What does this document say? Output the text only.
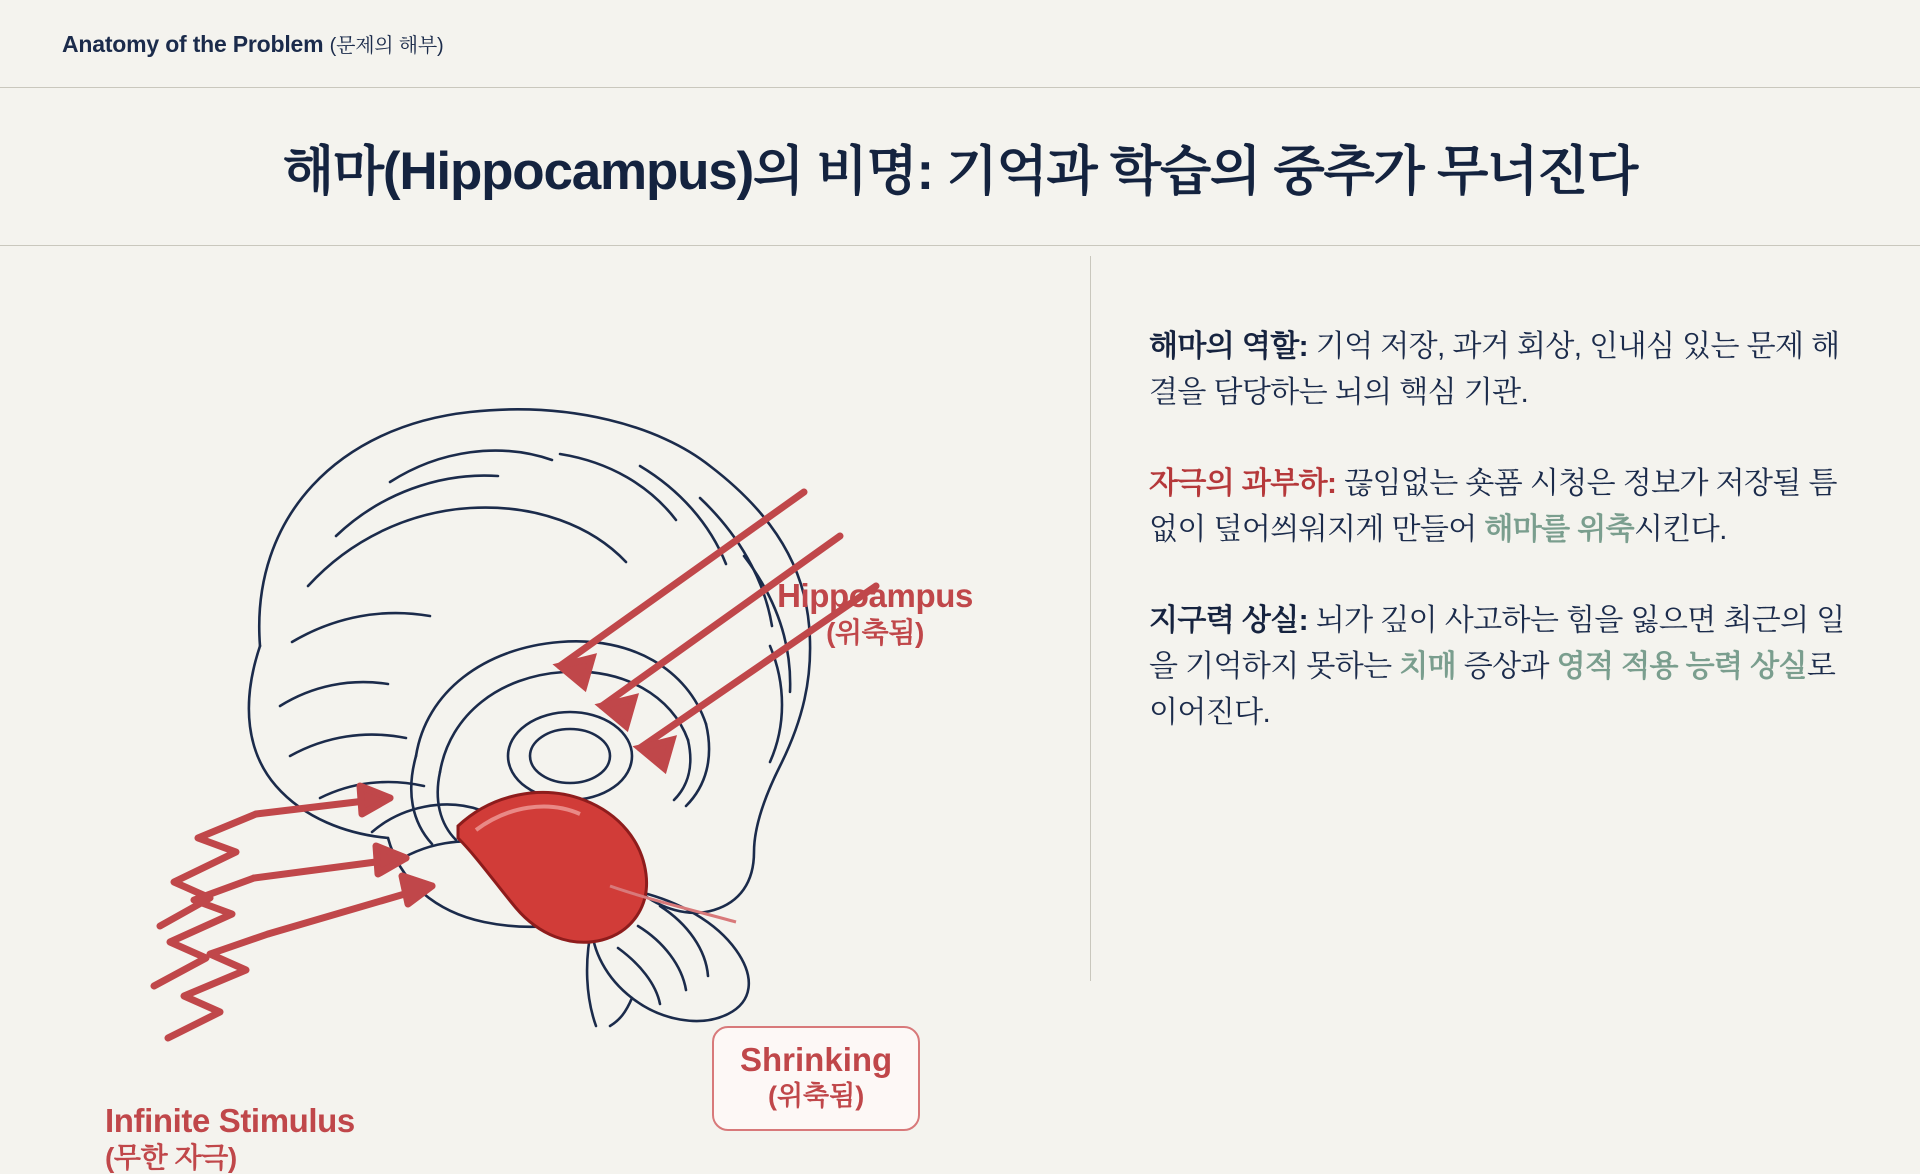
Anatomy of the Problem (문제의 해부)
해마(Hippocampus)의 비명: 기억과 학습의 중추가 무너진다
Hippoampus
(위축됨)
Infinite Stimulus
(무한 자극)
Shrinking
(위축됨)

해마의 역할: 기억 저장, 과거 회상, 인내심 있는 문제 해결을 담당하는 뇌의 핵심 기관.

자극의 과부하: 끊임없는 숏폼 시청은 정보가 저장될 틈 없이 덮어씌워지게 만들어 해마를 위축시킨다.

지구력 상실: 뇌가 깊이 사고하는 힘을 잃으면 최근의 일을 기억하지 못하는 치매 증상과 영적 적용 능력 상실로 이어진다.
